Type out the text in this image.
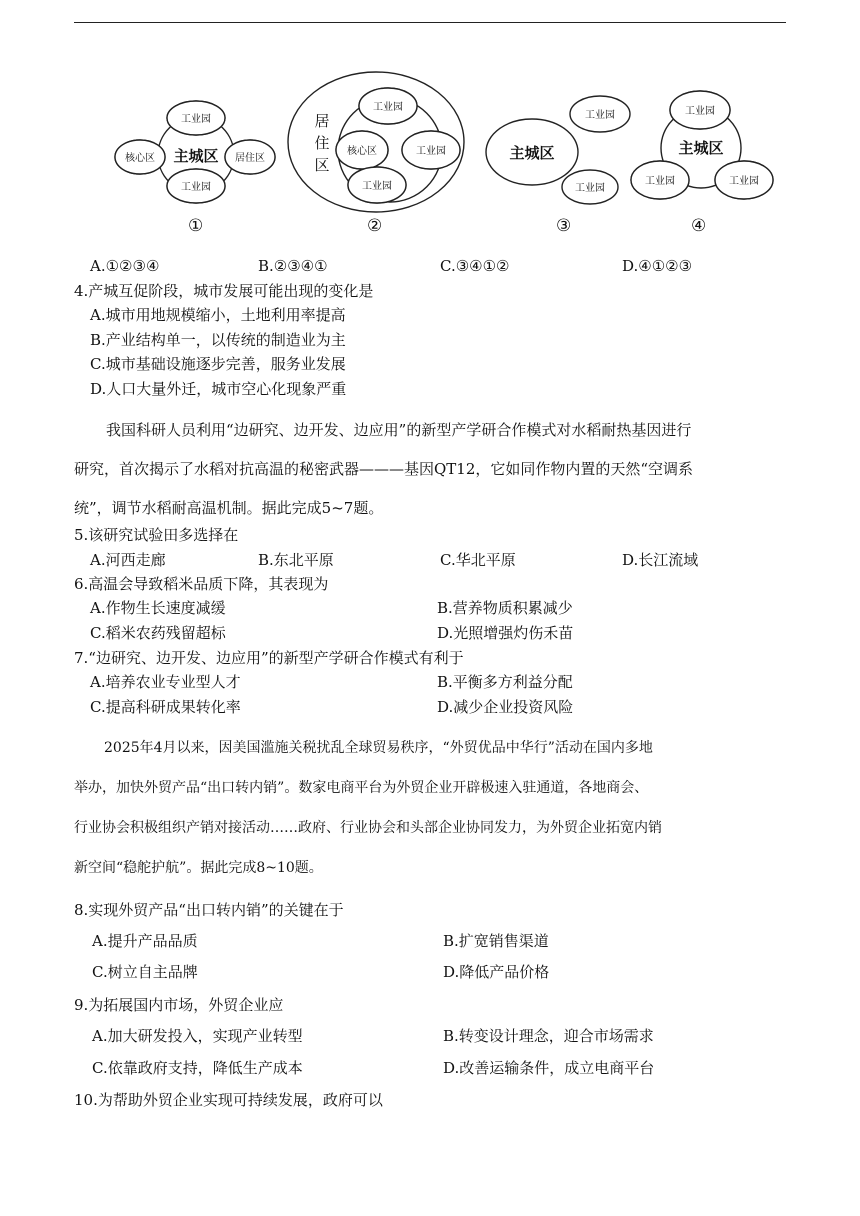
主城区
工业园
核心区	居住区
工业园
居
住
区
工业园
核心区	工业园
工业园
主城区
工业园
工业园
主城区
工业园
工业园	工业园
①	②	③	④
A.①②③④	B.②③④①	C.③④①②	D.④①②③
4.产城互促阶段，城市发展可能出现的变化是
A.城市用地规模缩小，土地利用率提高
B.产业结构单一，以传统的制造业为主
C.城市基础设施逐步完善，服务业发展
D.人口大量外迁，城市空心化现象严重
我国科研人员利用“边研究、边开发、边应用”的新型产学研合作模式对水稻耐热基因进行
研究，首次揭示了水稻对抗高温的秘密武器———基因QT12，它如同作物内置的天然“空调系
统”，调节水稻耐高温机制。据此完成5~7题。
5.该研究试验田多选择在
A.河西走廊	B.东北平原	C.华北平原	D.长江流域
6.高温会导致稻米品质下降，其表现为
A.作物生长速度减缓	B.营养物质积累减少
C.稻米农药残留超标	D.光照增强灼伤禾苗
7.“边研究、边开发、边应用”的新型产学研合作模式有利于
A.培养农业专业型人才	B.平衡多方利益分配
C.提高科研成果转化率	D.减少企业投资风险
2025年4月以来，因美国滥施关税扰乱全球贸易秩序，“外贸优品中华行”活动在国内多地
举办，加快外贸产品“出口转内销”。数家电商平台为外贸企业开辟极速入驻通道，各地商会、
行业协会积极组织产销对接活动……政府、行业协会和头部企业协同发力，为外贸企业拓宽内销
新空间“稳舵护航”。据此完成8~10题。
8.实现外贸产品“出口转内销”的关键在于
A.提升产品品质	B.扩宽销售渠道
C.树立自主品牌	D.降低产品价格
9.为拓展国内市场，外贸企业应
A.加大研发投入，实现产业转型	B.转变设计理念，迎合市场需求
C.依靠政府支持，降低生产成本	D.改善运输条件，成立电商平台
10.为帮助外贸企业实现可持续发展，政府可以
